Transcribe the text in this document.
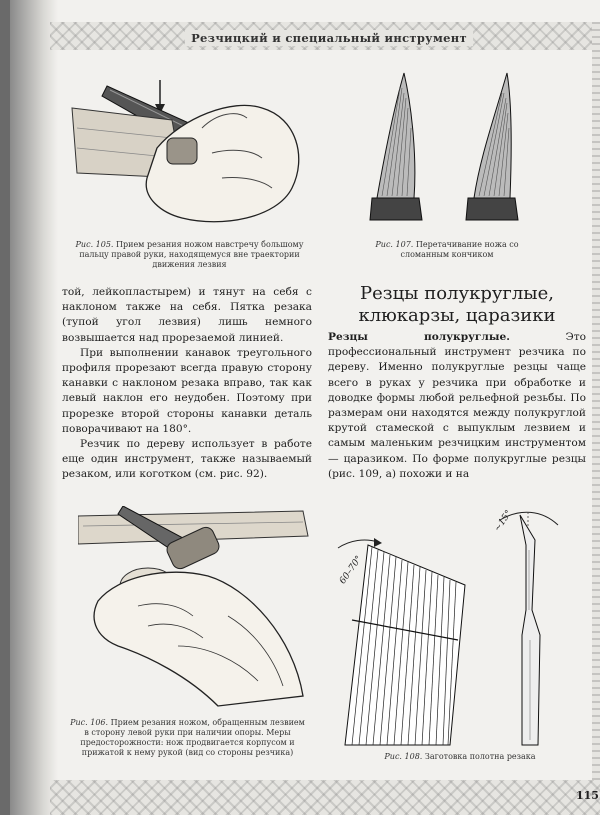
Резчицкий и специальный инструмент
Рис. 105. Прием резания ножом навстречу большому пальцу правой руки, находящемуся вне траектории движения лезвия
Рис. 107. Перетачивание ножа со сломанным кончиком

той, лейкопластырем) и тянут на себя с наклоном также на себя. Пятка резака (тупой угол лезвия) лишь немного возвышается над прорезаемой линией.

При выполнении канавок треугольного профиля прорезают всегда правую сторону канавки с наклоном резака вправо, так как левый наклон его неудобен. Поэтому при прорезке второй стороны канавки деталь поворачивают на 180°.

Резчик по дереву использует в работе еще один инструмент, также называемый резаком, или коготком (см. рис. 92).

Резцы полукруглые, клюкарзы, царазики

Резцы полукруглые.	Это профессиональный инструмент резчика по дереву. Именно полукруглые резцы чаще всего в руках у резчика при обработке и доводке формы любой рельефной резьбы. По размерам они находятся между полукруглой крутой стамеской с выпуклым лезвием и самым маленьким резчицким инструментом — царазиком. По форме полукруглые резцы (рис. 109, а) похожи и на

Рис. 106. Прием резания ножом, обращенным лезвием в сторону левой руки при наличии опоры. Меры предосторожности: нож продвигается корпусом и прижатой к нему рукой (вид со стороны резчика)
60–70°
~15°
Рис. 108. Заготовка полотна резака
115
